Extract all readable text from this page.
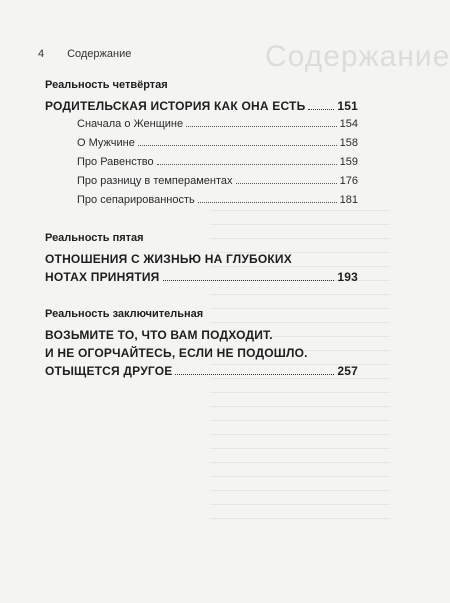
Содержание
4 Содержание
Реальность четвёртая
РОДИТЕЛЬСКАЯ ИСТОРИЯ КАК ОНА ЕСТЬ	151
Сначала о Женщине	154
О Мужчине	158
Про Равенство	159
Про разницу в темпераментах	176
Про сепарированность	181
Реальность пятая
ОТНОШЕНИЯ С ЖИЗНЬЮ НА ГЛУБОКИХ
НОТАХ ПРИНЯТИЯ	193
Реальность заключительная
ВОЗЬМИТЕ ТО, ЧТО ВАМ ПОДХОДИТ.
И НЕ ОГОРЧАЙТЕСЬ, ЕСЛИ НЕ ПОДОШЛО.
ОТЫЩЕТСЯ ДРУГОЕ	257
